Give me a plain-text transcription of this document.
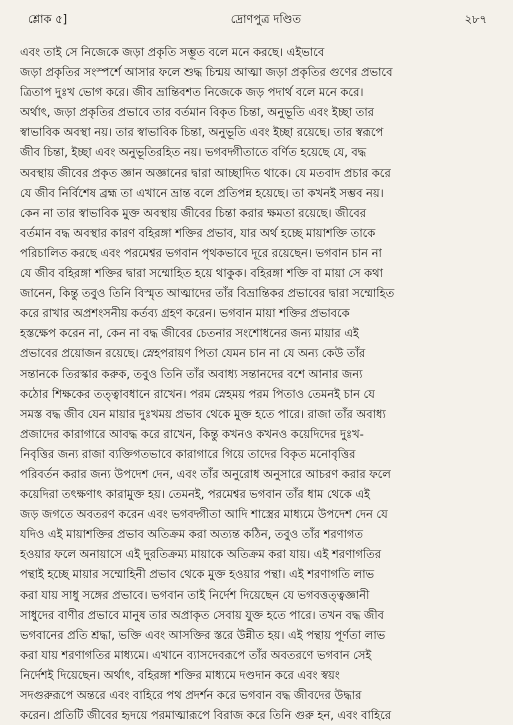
শ্লোক ৫]	দ্রোণপুত্র দণ্ডিত	২৮৭
এবং তাই সে নিজেকে জড়া প্রকৃতি সম্ভূত বলে মনে করছে। এইভাবে
জড়া প্রকৃতির সংস্পর্শে আসার ফলে শুদ্ধ চিন্ময় আত্মা জড়া প্রকৃতির গুণের প্রভাবে
ত্রিতাপ দুঃখ ভোগ করে। জীব ভ্রান্তিবশত নিজেকে জড় পদার্থ বলে মনে করে।
অর্থাৎ, জড়া প্রকৃতির প্রভাবে তার বর্তমান বিকৃত চিন্তা, অনুভূতি এবং ইচ্ছা তার
স্বাভাবিক অবস্থা নয়। তার স্বাভাবিক চিন্তা, অনুভূতি এবং ইচ্ছা রয়েছে। তার স্বরূপে
জীব চিন্তা, ইচ্ছা এবং অনুভূতিরহিত নয়। ভগবদ্গীতাতে বর্ণিত হয়েছে যে, বদ্ধ
অবস্থায় জীবের প্রকৃত জ্ঞান অজ্ঞানের দ্বারা আচ্ছাদিত থাকে। যে মতবাদ প্রচার করে
যে জীব নির্বিশেষ ব্রহ্ম তা এখানে ভ্রান্ত বলে প্রতিপন্ন হয়েছে। তা কখনই সম্ভব নয়।
কেন না তার স্বাভাবিক মুক্ত অবস্থায় জীবের চিন্তা করার ক্ষমতা রয়েছে। জীবের
বর্তমান বদ্ধ অবস্থার কারণ বহিরঙ্গা শক্তির প্রভাব, যার অর্থ হচ্ছে মায়াশক্তি তাকে
পরিচালিত করছে এবং পরমেশ্বর ভগবান পৃথকভাবে দূরে রয়েছেন। ভগবান চান না
যে জীব বহিরঙ্গা শক্তির দ্বারা সম্মোহিত হয়ে থাকুক। বহিরঙ্গা শক্তি বা মায়া সে কথা
জানেন, কিন্তু তবুও তিনি বিস্মৃত আত্মাদের তাঁর বিভ্রান্তিকর প্রভাবের দ্বারা সম্মোহিত
করে রাখার অপ্রশংসনীয় কর্তব্য গ্রহণ করেন। ভগবান মায়া শক্তির প্রভাবকে
হস্তক্ষেপ করেন না, কেন না বদ্ধ জীবের চেতনার সংশোধনের জন্য মায়ার এই
প্রভাবের প্রয়োজন রয়েছে। স্নেহপরায়ণ পিতা যেমন চান না যে অন্য কেউ তাঁর
সন্তানকে তিরস্কার করুক, তবুও তিনি তাঁর অবাধ্য সন্তানদের বশে আনার জন্য
কঠোর শিক্ষকের তত্ত্বাবধানে রাখেন। পরম স্নেহময় পরম পিতাও তেমনই চান যে
সমস্ত বদ্ধ জীব যেন মায়ার দুঃখময় প্রভাব থেকে মুক্ত হতে পারে। রাজা তাঁর অবাধ্য
প্রজাদের কারাগারে আবদ্ধ করে রাখেন, কিন্তু কখনও কখনও কয়েদিদের দুঃখ-
নিবৃত্তির জন্য রাজা ব্যক্তিগতভাবে কারাগারে গিয়ে তাদের বিকৃত মনোবৃত্তির
পরিবর্তন করার জন্য উপদেশ দেন, এবং তাঁর অনুরোধ অনুসারে আচরণ করার ফলে
কয়েদিরা তৎক্ষণাৎ কারামুক্ত হয়। তেমনই, পরমেশ্বর ভগবান তাঁর ধাম থেকে এই
জড় জগতে অবতরণ করেন এবং ভগবদ্গীতা আদি শাস্ত্রের মাধ্যমে উপদেশ দেন যে
যদিও এই মায়াশক্তির প্রভাব অতিক্রম করা অত্যন্ত কঠিন, তবুও তাঁর শরণাগত
হওয়ার ফলে অনায়াসে এই দুরতিক্রম্য মায়াকে অতিক্রম করা যায়। এই শরণাগতির
পন্থাই হচ্ছে মায়ার সম্মোহিনী প্রভাব থেকে মুক্ত হওয়ার পন্থা। এই শরণাগতি লাভ
করা যায় সাধু সঙ্গের প্রভাবে। ভগবান তাই নির্দেশ দিয়েছেন যে ভগবত্তত্ত্বজ্ঞানী
সাধুদের বাণীর প্রভাবে মানুষ তার অপ্রাকৃত সেবায় যুক্ত হতে পারে। তখন বদ্ধ জীব
ভগবানের প্রতি শ্রদ্ধা, ভক্তি এবং আসক্তির স্তরে উন্নীত হয়। এই পন্থায় পূর্ণতা লাভ
করা যায় শরণাগতির মাধ্যমে। এখানে ব্যাসদেবরূপে তাঁর অবতরণে ভগবান সেই
নির্দেশই দিয়েছেন। অর্থাৎ, বহিরঙ্গা শক্তির মাধ্যমে দণ্ডদান করে এবং স্বয়ং
সদগুরুরূপে অন্তরে এবং বাহিরে পথ প্রদর্শন করে ভগবান বদ্ধ জীবদের উদ্ধার
করেন। প্রতিটি জীবের হৃদয়ে পরমাত্মারূপে বিরাজ করে তিনি গুরু হন, এবং বাহিরে
